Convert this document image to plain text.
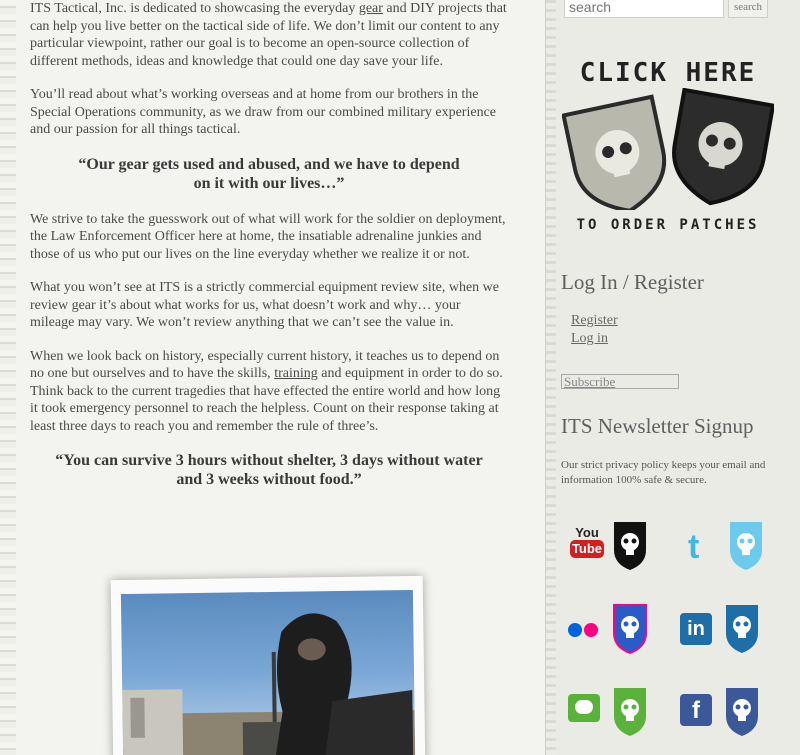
ITS Tactical, Inc. is dedicated to showcasing the everyday gear and DIY projects that can help you live better on the tactical side of life. We don’t limit our content to any particular viewpoint, rather our goal is to become an open-source collection of different methods, ideas and knowledge that could one day save your life.

You’ll read about what’s working overseas and at home from our brothers in the Special Operations community, as we draw from our combined military experience and our passion for all things tactical.

“Our gear gets used and abused, and we have to depend on it with our lives…”

We strive to take the guesswork out of what will work for the soldier on deployment, the Law Enforcement Officer here at home, the insatiable adrenaline junkies and those of us who put our lives on the line everyday whether we realize it or not.

What you won’t see at ITS is a strictly commercial equipment review site, when we review gear it’s about what works for us, what doesn’t work and why… your mileage may vary. We won’t review anything that we can’t see the value in.

When we look back on history, especially current history, it teaches us to depend on no one but ourselves and to have the skills, training and equipment in order to do so. Think back to the current tragedies that have effected the entire world and how long it took emergency personnel to reach the helpless. Count on their response taking at least three days to reach you and remember the rule of three’s.

“You can survive 3 hours without shelter, 3 days without water and 3 weeks without food.”
search
search
CLICK HERE
TO ORDER PATCHES
Log In / Register
Register
Log in
Subscribe
ITS Newsletter Signup
Our strict privacy policy keeps your email and information 100% safe & secure.
You
Tube	t
in
f
